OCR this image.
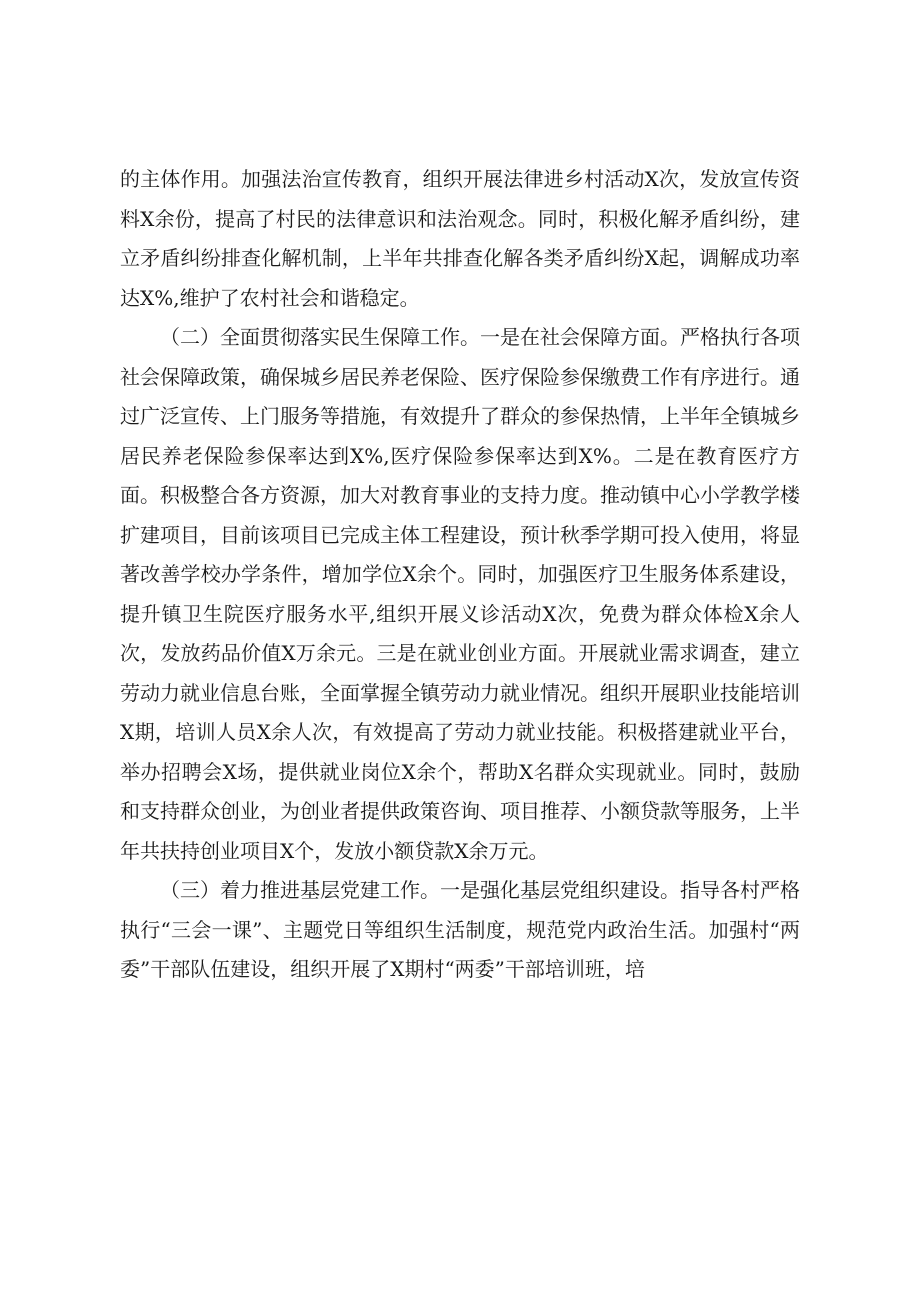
的主体作用。加强法治宣传教育，组织开展法律进乡村活动X次，发放宣传资料X余份，提高了村民的法律意识和法治观念。同时，积极化解矛盾纠纷，建立矛盾纠纷排查化解机制，上半年共排查化解各类矛盾纠纷X起，调解成功率达X%,维护了农村社会和谐稳定。

（二）全面贯彻落实民生保障工作。一是在社会保障方面。严格执行各项社会保障政策，确保城乡居民养老保险、医疗保险参保缴费工作有序进行。通过广泛宣传、上门服务等措施，有效提升了群众的参保热情，上半年全镇城乡居民养老保险参保率达到X%,医疗保险参保率达到X%。二是在教育医疗方面。积极整合各方资源，加大对教育事业的支持力度。推动镇中心小学教学楼扩建项目，目前该项目已完成主体工程建设，预计秋季学期可投入使用，将显著改善学校办学条件，增加学位X余个。同时，加强医疗卫生服务体系建设，提升镇卫生院医疗服务水平,组织开展义诊活动X次，免费为群众体检X余人次，发放药品价值X万余元。三是在就业创业方面。开展就业需求调查，建立劳动力就业信息台账，全面掌握全镇劳动力就业情况。组织开展职业技能培训X期，培训人员X余人次，有效提高了劳动力就业技能。积极搭建就业平台，举办招聘会X场，提供就业岗位X余个，帮助X名群众实现就业。同时，鼓励和支持群众创业，为创业者提供政策咨询、项目推荐、小额贷款等服务，上半年共扶持创业项目X个，发放小额贷款X余万元。

（三）着力推进基层党建工作。一是强化基层党组织建设。指导各村严格执行“三会一课”、主题党日等组织生活制度，规范党内政治生活。加强村“两委”干部队伍建设，组织开展了X期村“两委”干部培训班，培
